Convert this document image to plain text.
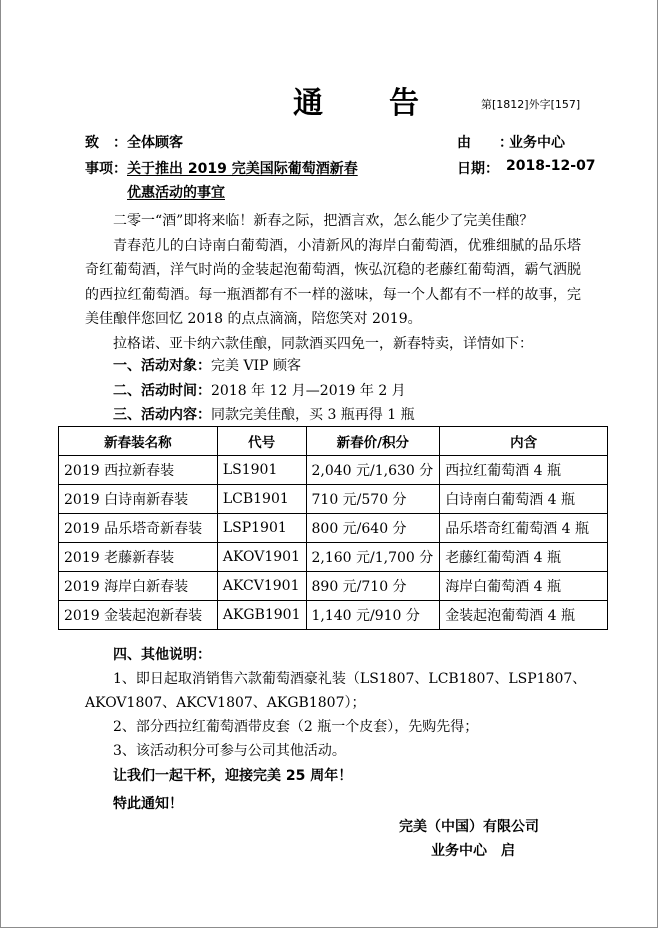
通　告	第[1812]外字[157]
致　： 全体顾客	由　　：
业务中心
事项： 关于推出 2019 完美国际葡萄酒新春
优惠活动的事宜
日期： 2018-12-07

二零一“酒”即将来临！新春之际，把酒言欢，怎么能少了完美佳酿？

青春范儿的白诗南白葡萄酒，小清新风的海岸白葡萄酒，优雅细腻的品乐塔奇红葡萄酒，洋气时尚的金装起泡葡萄酒，恢弘沉稳的老藤红葡萄酒，霸气洒脱的西拉红葡萄酒。每一瓶酒都有不一样的滋味，每一个人都有不一样的故事，完美佳酿伴您回忆 2018 的点点滴滴，陪您笑对 2019。

拉格诺、亚卡纳六款佳酿，同款酒买四免一，新春特卖，详情如下：

一、活动对象：完美 VIP 顾客
二、活动时间：2018 年 12 月—2019 年 2 月
三、活动内容：同款完美佳酿，买 3 瓶再得 1 瓶
新春装名称	代号	新春价/积分	内含
2019 西拉新春装	LS1901	2,040 元/1,630 分	西拉红葡萄酒 4 瓶
2019 白诗南新春装	LCB1901	710 元/570 分	白诗南白葡萄酒 4 瓶
2019 品乐塔奇新春装	LSP1901	800 元/640 分	品乐塔奇红葡萄酒 4 瓶
2019 老藤新春装	AKOV1901	2,160 元/1,700 分	老藤红葡萄酒 4 瓶
2019 海岸白新春装	AKCV1901	890 元/710 分	海岸白葡萄酒 4 瓶
2019 金装起泡新春装	AKGB1901	1,140 元/910 分	金装起泡葡萄酒 4 瓶
四、其他说明：
1、即日起取消销售六款葡萄酒豪礼装（LS1807、LCB1807、LSP1807、
AKOV1807、AKCV1807、AKGB1807）；
2、部分西拉红葡萄酒带皮套（2 瓶一个皮套），先购先得；
3、该活动积分可参与公司其他活动。
让我们一起干杯，迎接完美 25 周年！
特此通知！
完美（中国）有限公司
业务中心　启
